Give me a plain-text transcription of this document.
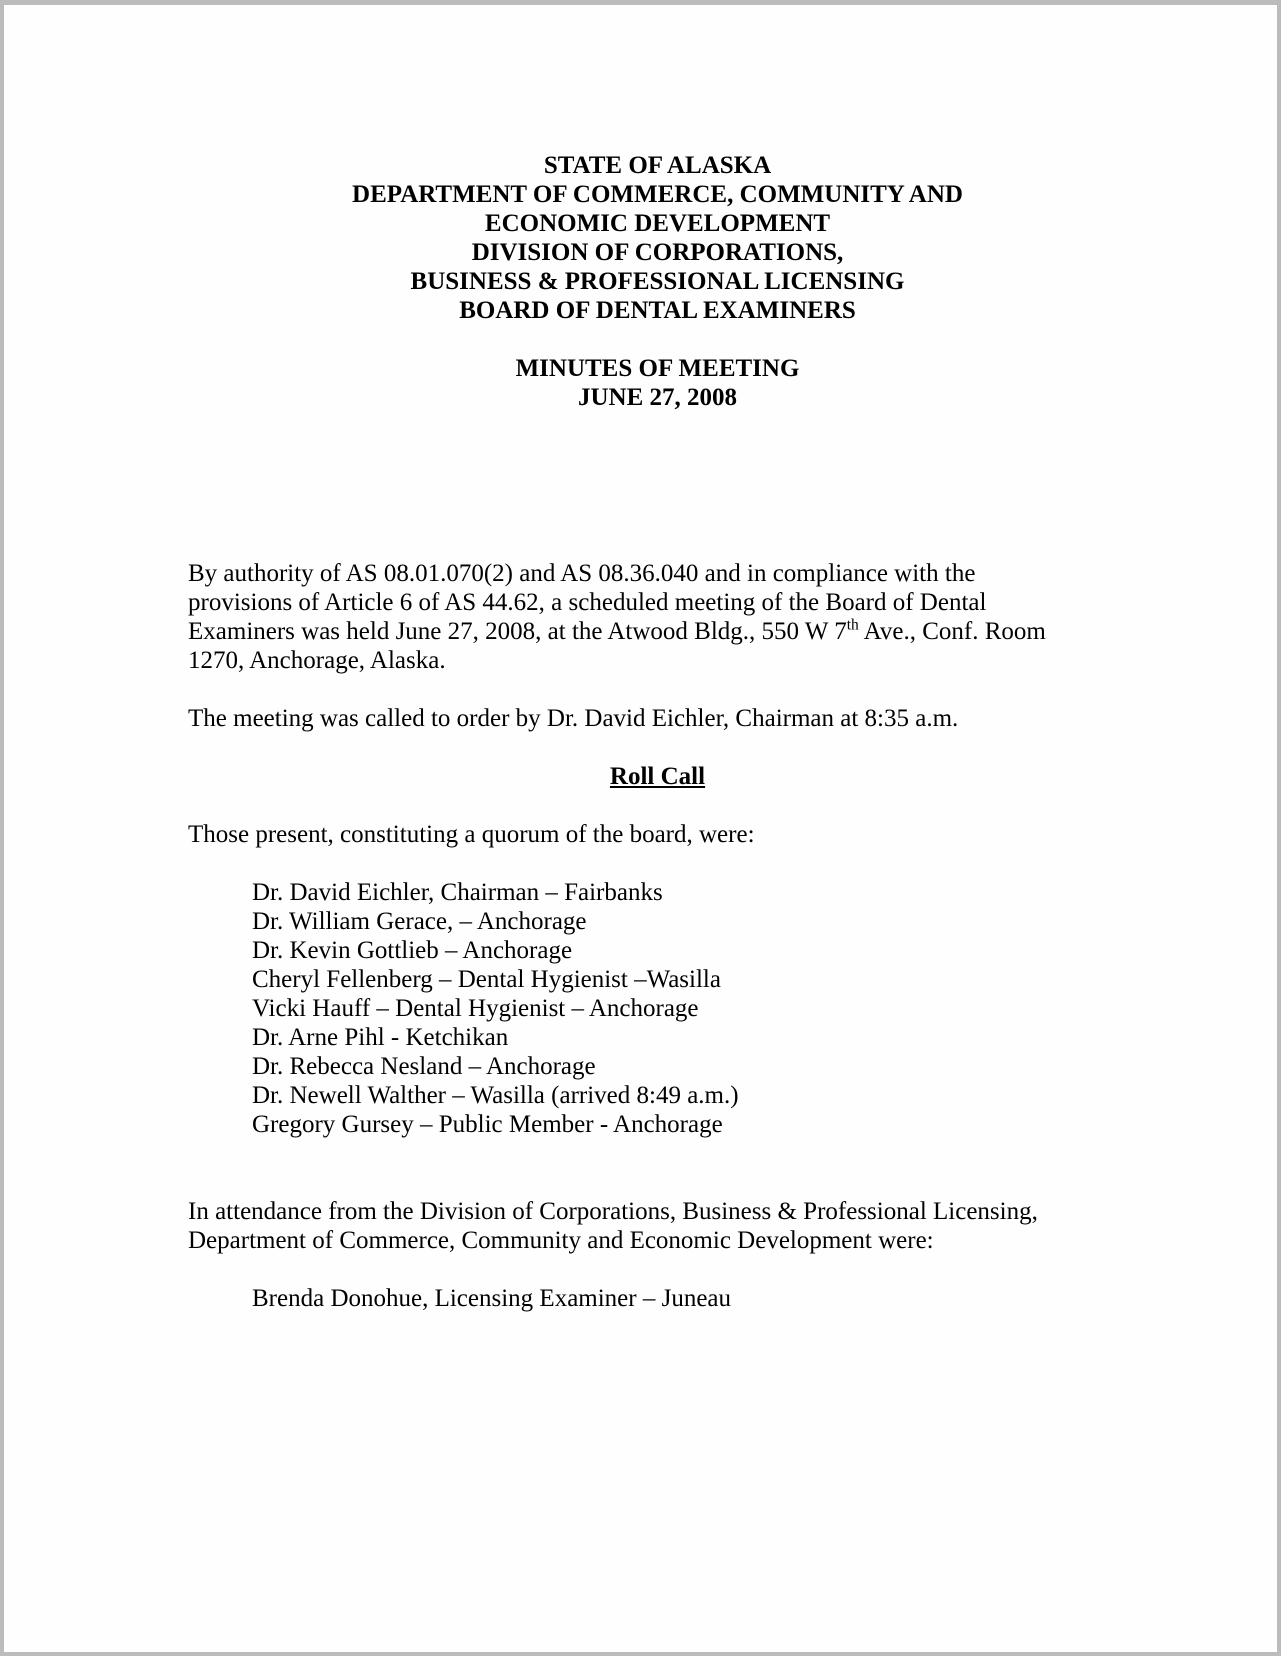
STATE OF ALASKA
DEPARTMENT OF COMMERCE, COMMUNITY AND
ECONOMIC DEVELOPMENT
DIVISION OF CORPORATIONS,
BUSINESS & PROFESSIONAL LICENSING
BOARD OF DENTAL EXAMINERS
MINUTES OF MEETING
JUNE 27, 2008
By authority of AS 08.01.070(2) and AS 08.36.040 and in compliance with the
provisions of Article 6 of AS 44.62, a scheduled meeting of the Board of Dental
Examiners was held June 27, 2008, at the Atwood Bldg., 550 W 7th Ave., Conf. Room
1270, Anchorage, Alaska.
The meeting was called to order by Dr. David Eichler, Chairman at 8:35 a.m.
Roll Call
Those present, constituting a quorum of the board, were:
Dr. David Eichler, Chairman – Fairbanks
Dr. William Gerace, – Anchorage
Dr. Kevin Gottlieb – Anchorage
Cheryl Fellenberg – Dental Hygienist –Wasilla
Vicki Hauff – Dental Hygienist – Anchorage
Dr. Arne Pihl - Ketchikan
Dr. Rebecca Nesland – Anchorage
Dr. Newell Walther – Wasilla (arrived 8:49 a.m.)
Gregory Gursey – Public Member - Anchorage
In attendance from the Division of Corporations, Business & Professional Licensing,
Department of Commerce, Community and Economic Development were:
Brenda Donohue, Licensing Examiner – Juneau
